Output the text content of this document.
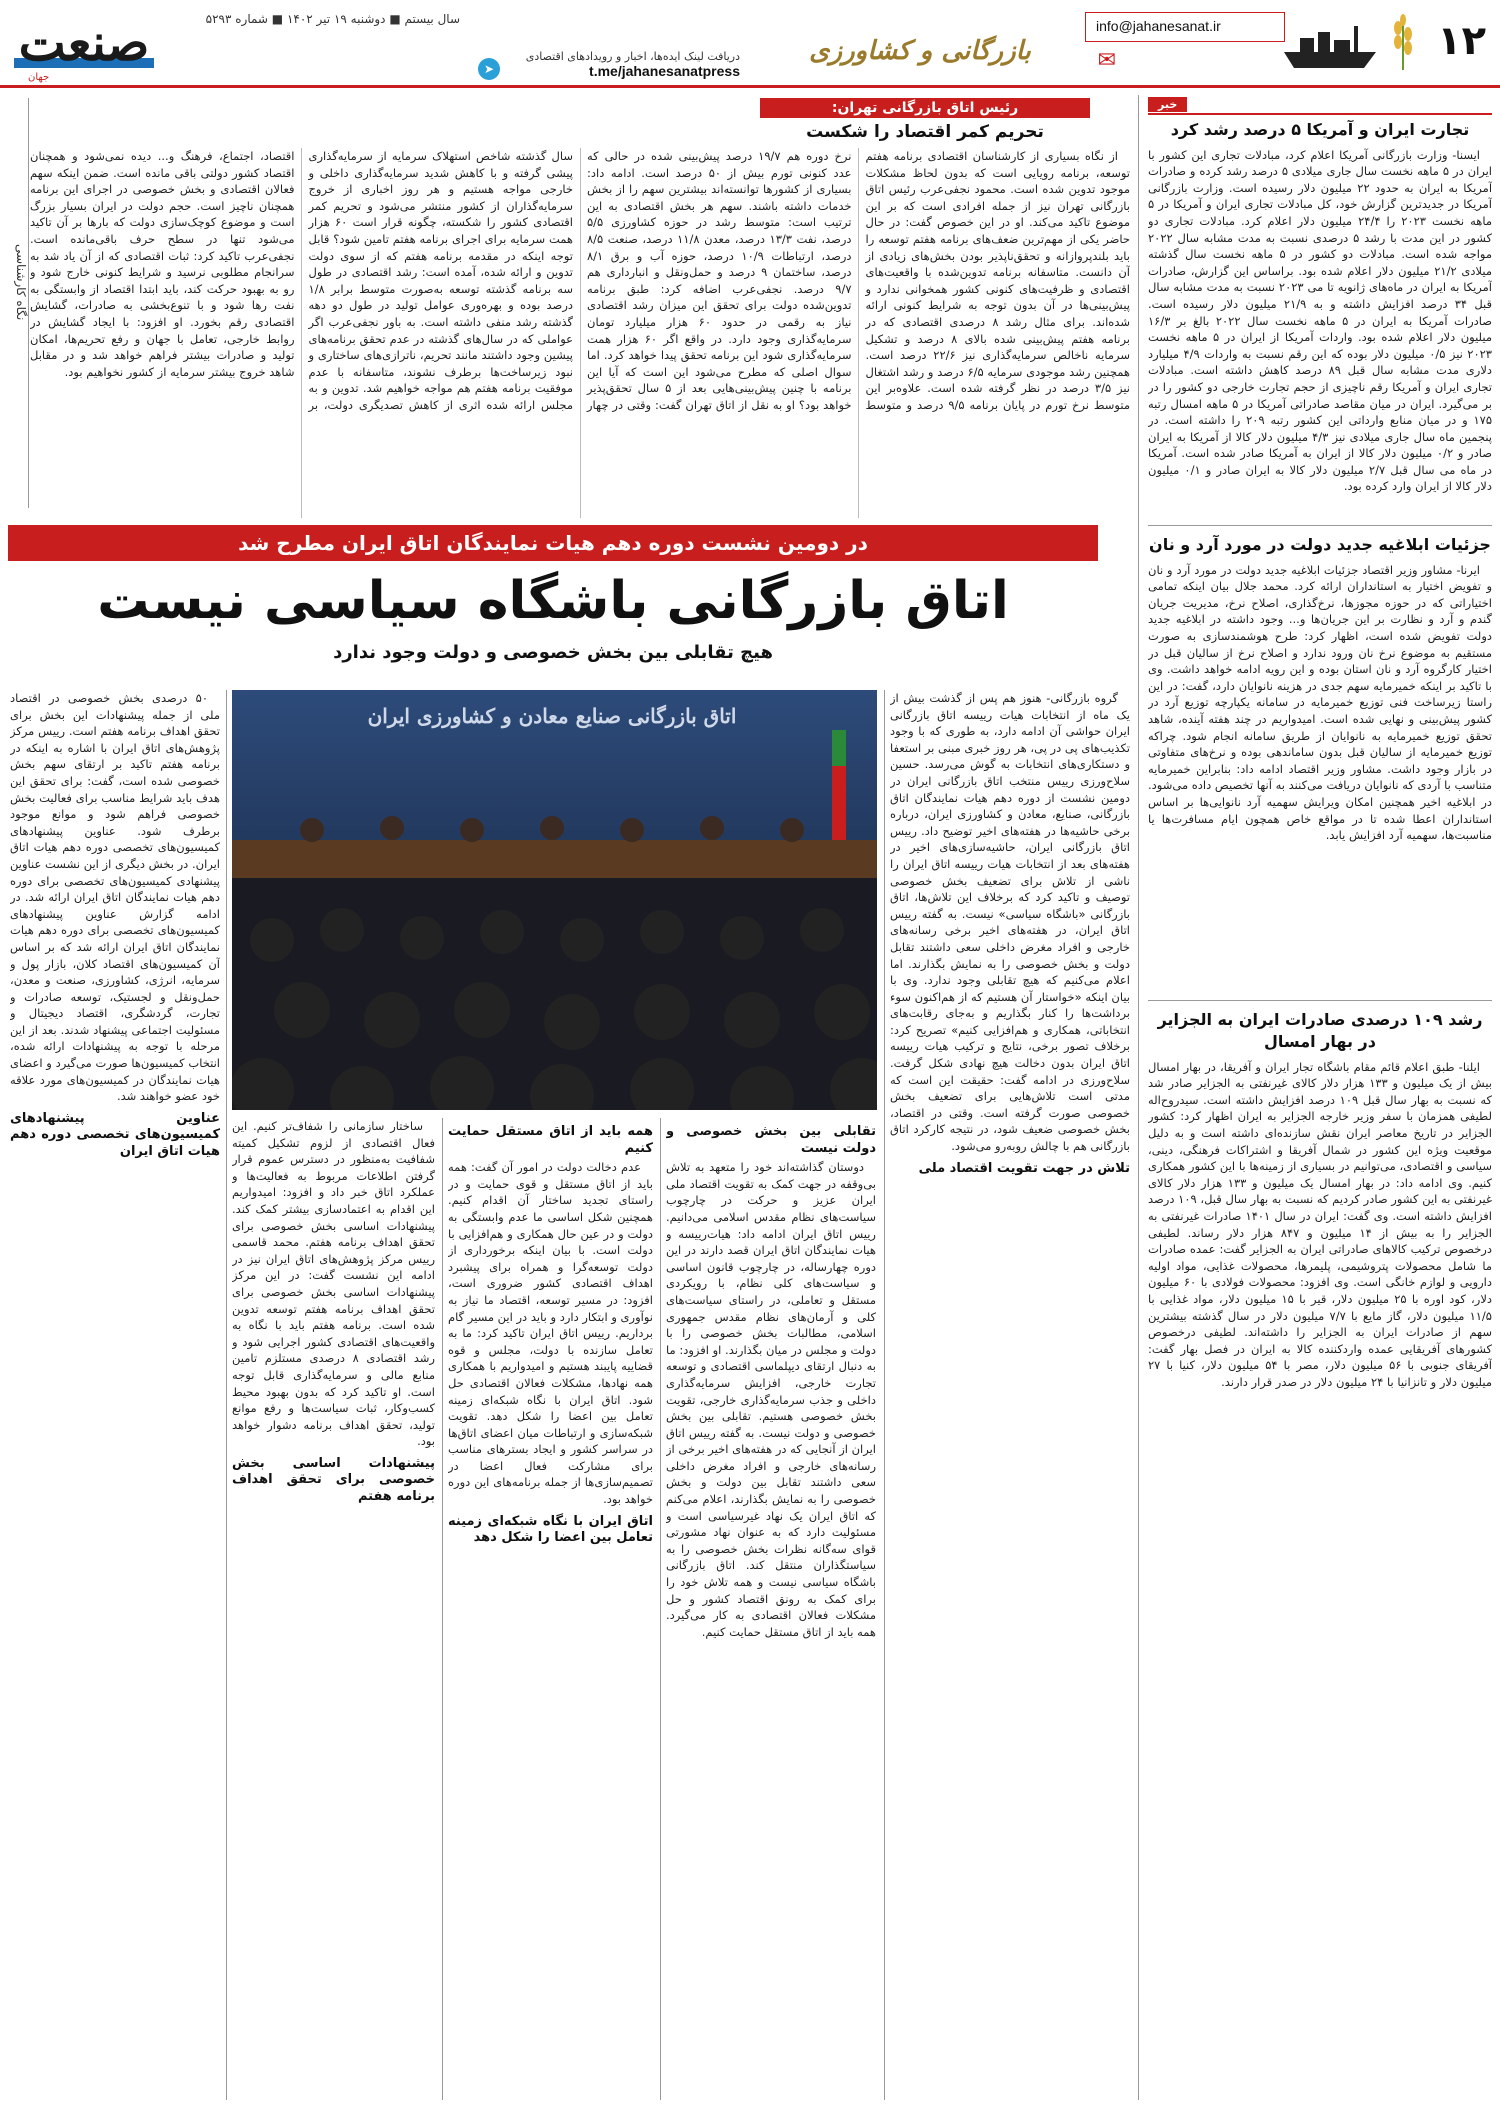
۱۲
بازرگانی و کشاورزی
info@jahanesanat.ir
✉
صنعت
جهان
سال بیستم ■ دوشنبه ۱۹ تیر ۱۴۰۲ ■ شماره ۵۲۹۳
دریافت لینک ایده‌ها، اخبار و رویدادهای اقتصادی
t.me/jahanesanatpress
➤
خبر
تجارت ایران و آمریکا ۵ درصد رشد کرد

ایسنا- وزارت بازرگانی آمریکا اعلام کرد، مبادلات تجاری این کشور با ایران در ۵ ماهه نخست سال جاری میلادی ۵ درصد رشد کرده و صادرات آمریکا به ایران به حدود ۲۲ میلیون دلار رسیده است. وزارت بازرگانی آمریکا در جدیدترین گزارش خود، کل مبادلات تجاری ایران و آمریکا در ۵ ماهه نخست ۲۰۲۳ را ۲۴/۴ میلیون دلار اعلام کرد. مبادلات تجاری دو کشور در این مدت با رشد ۵ درصدی نسبت به مدت مشابه سال ۲۰۲۲ مواجه شده است. مبادلات دو کشور در ۵ ماهه نخست سال گذشته میلادی ۲۱/۲ میلیون دلار اعلام شده بود. براساس این گزارش، صادرات آمریکا به ایران در ماه‌های ژانویه تا می ۲۰۲۳ نسبت به مدت مشابه سال قبل ۳۴ درصد افزایش داشته و به ۲۱/۹ میلیون دلار رسیده است. صادرات آمریکا به ایران در ۵ ماهه نخست سال ۲۰۲۲ بالغ بر ۱۶/۳ میلیون دلار اعلام شده بود. واردات آمریکا از ایران در ۵ ماهه نخست ۲۰۲۳ نیز ۰/۵ میلیون دلار بوده که این رقم نسبت به واردات ۴/۹ میلیارد دلاری مدت مشابه سال قبل ۸۹ درصد کاهش داشته است. مبادلات تجاری ایران و آمریکا رقم ناچیزی از حجم تجارت خارجی دو کشور را در بر می‌گیرد. ایران در میان مقاصد صادراتی آمریکا در ۵ ماهه امسال رتبه ۱۷۵ و در میان منابع وارداتی این کشور رتبه ۲۰۹ را داشته است. در پنجمین ماه سال جاری میلادی نیز ۴/۳ میلیون دلار کالا از آمریکا به ایران صادر و ۰/۲ میلیون دلار کالا از ایران به آمریکا صادر شده است. آمریکا در ماه می سال قبل ۲/۷ میلیون دلار کالا به ایران صادر و ۰/۱ میلیون دلار کالا از ایران وارد کرده بود.

جزئیات ابلاغیه جدید دولت در مورد آرد و نان

ایرنا- مشاور وزیر اقتصاد جزئیات ابلاغیه جدید دولت در مورد آرد و نان و تفویض اختیار به استانداران ارائه کرد. محمد جلال بیان اینکه تمامی اختیاراتی که در حوزه مجوزها، نرخ‌گذاری، اصلاح نرخ، مدیریت جریان گندم و آرد و نظارت بر این جریان‌ها و... وجود داشته در ابلاغیه جدید دولت تفویض شده است، اظهار کرد: طرح هوشمندسازی به صورت مستقیم به موضوع نرخ نان ورود ندارد و اصلاح نرخ از سالیان قبل در اختیار کارگروه آرد و نان استان بوده و این رویه ادامه خواهد داشت. وی با تاکید بر اینکه خمیرمایه سهم جدی در هزینه نانوایان دارد، گفت: در این راستا زیرساخت فنی توزیع خمیرمایه در سامانه یکپارچه توزیع آرد در کشور پیش‌بینی و نهایی شده است. امیدواریم در چند هفته آینده، شاهد تحقق توزیع خمیرمایه به نانوایان از طریق سامانه انجام شود. چراکه توزیع خمیرمایه از سالیان قبل بدون ساماندهی بوده و نرخ‌های متفاوتی در بازار وجود داشت. مشاور وزیر اقتصاد ادامه داد: بنابراین خمیرمایه متناسب با آرد‌ی که نانوایان دریافت می‌کنند به آنها تخصیص داده می‌شود. در ابلاغیه اخیر همچنین امکان ویرایش سهمیه آرد نانوایی‌ها بر اساس استانداران اعطا شده تا در مواقع خاص همچون ایام مسافرت‌ها یا مناسبت‌ها، سهمیه آرد افزایش یابد.

رشد ۱۰۹ درصدی صادرات ایران به الجزایر در بهار امسال

ایلنا- طبق اعلام قائم مقام باشگاه تجار ایران و آفریقا، در بهار امسال بیش از یک میلیون و ۱۳۳ هزار دلار کالای غیرنفتی به الجزایر صادر شد که نسبت به بهار سال قبل ۱۰۹ درصد افزایش داشته است. سیدروح‌اله لطیفی همزمان با سفر وزیر خارجه الجزایر به ایران اظهار کرد: کشور الجزایر در تاریخ معاصر ایران نقش سازنده‌ای داشته است و به دلیل موقعیت ویژه این کشور در شمال آفریقا و اشتراکات فرهنگی، دینی، سیاسی و اقتصادی، می‌توانیم در بسیاری از زمینه‌ها با این کشور همکاری کنیم. وی ادامه داد: در بهار امسال یک میلیون و ۱۳۳ هزار دلار کالای غیرنفتی به این کشور صادر کردیم که نسبت به بهار سال قبل، ۱۰۹ درصد افزایش داشته است. وی گفت: ایران در سال ۱۴۰۱ صادرات غیرنفتی به الجزایر را به بیش از ۱۴ میلیون و ۸۴۷ هزار دلار رساند. لطیفی درخصوص ترکیب کالاهای صادراتی ایران به الجزایر گفت: عمده صادرات ما شامل محصولات پتروشیمی، پلیمرها، محصولات غذایی، مواد اولیه دارویی و لوازم خانگی است. وی افزود: محصولات فولادی با ۶۰ میلیون دلار، کود اوره با ۲۵ میلیون دلار، قیر با ۱۵ میلیون دلار، مواد غذایی با ۱۱/۵ میلیون دلار، گاز مایع با ۷/۷ میلیون دلار در سال گذشته بیشترین سهم از صادرات ایران به الجزایر را داشته‌اند. لطیفی درخصوص کشورهای آفریقایی عمده واردکننده کالا به ایران در فصل بهار گفت: آفریقای جنوبی با ۵۶ میلیون دلار، مصر با ۵۴ میلیون دلار، کنیا با ۲۷ میلیون دلار و تانزانیا با ۲۴ میلیون دلار در صدر قرار دارند.

از نگاه بسیاری از کارشناسان اقتصادی برنامه هفتم توسعه، برنامه رویایی است که بدون لحاظ مشکلات موجود تدوین شده است. محمود نجفی‌عرب رئیس اتاق بازرگانی تهران نیز از جمله افرادی است که بر این موضوع تاکید می‌کند. او در این خصوص گفت: در حال حاضر یکی از مهم‌ترین ضعف‌های برنامه هفتم توسعه را باید بلندپروازانه و تحقق‌ناپذیر بودن بخش‌های زیادی از آن دانست. متاسفانه برنامه تدوین‌شده با واقعیت‌های اقتصادی و ظرفیت‌های کنونی کشور همخوانی ندارد و پیش‌بینی‌ها در آن بدون توجه به شرایط کنونی ارائه شده‌اند. برای مثال رشد ۸ درصدی اقتصادی که در برنامه هفتم پیش‌بینی شده بالای ۸ درصد و تشکیل سرمایه ناخالص سرمایه‌گذاری نیز ۲۲/۶ درصد است. همچنین رشد موجودی سرمایه ۶/۵ درصد و رشد اشتغال نیز ۳/۵ درصد در نظر گرفته شده است. علاوه‌بر این متوسط نرخ تورم در پایان برنامه ۹/۵ درصد و متوسط نرخ دوره هم ۱۹/۷ درصد پیش‌بینی شده در حالی که عدد کنونی تورم بیش از ۵۰ درصد است. ادامه داد: بسیاری از کشورها توانسته‌اند بیشترین سهم را از بخش خدمات داشته باشند. سهم هر بخش اقتصادی به این ترتیب است: متوسط رشد در حوزه کشاورزی ۵/۵ درصد، نفت ۱۳/۳ درصد، معدن ۱۱/۸ درصد، صنعت ۸/۵ درصد، ارتباطات ۱۰/۹ درصد، حوزه آب و برق ۸/۱ درصد، ساختمان ۹ درصد و حمل‌ونقل و انبارداری هم ۹/۷ درصد. نجفی‌عرب اضافه کرد: طبق برنامه تدوین‌شده دولت برای تحقق این میزان رشد اقتصادی نیاز به رقمی در حدود ۶۰ هزار میلیارد تومان سرمایه‌گذاری وجود دارد. در واقع اگر ۶۰ هزار همت سرمایه‌گذاری شود این برنامه تحقق پیدا خواهد کرد. اما سوال اصلی که مطرح می‌شود این است که آیا این برنامه با چنین پیش‌بینی‌هایی بعد از ۵ سال تحقق‌پذیر خواهد بود؟ او به نقل از اتاق تهران گفت: وقتی در چهار سال گذشته شاخص استهلاک سرمایه از سرمایه‌گذاری پیشی گرفته و با کاهش شدید سرمایه‌گذاری داخلی و خارجی مواجه هستیم و هر روز اخباری از خروج سرمایه‌گذاران از کشور منتشر می‌شود و تحریم کمر اقتصادی کشور را شکسته، چگونه قرار است ۶۰ هزار همت سرمایه برای اجرای برنامه هفتم تامین شود؟ قابل توجه اینکه در مقدمه برنامه هفتم که از سوی دولت تدوین و ارائه شده، آمده است: رشد اقتصادی در طول سه برنامه گذشته توسعه به‌صورت متوسط برابر ۱/۸ درصد بوده و بهره‌وری عوامل تولید در طول دو دهه گذشته رشد منفی داشته است. به باور نجفی‌عرب اگر عواملی که در سال‌های گذشته در عدم تحقق برنامه‌های پیشین وجود داشتند مانند تحریم، ناترازی‌های ساختاری و نبود زیرساخت‌ها برطرف نشوند، متاسفانه با عدم موفقیت برنامه هفتم هم مواجه خواهیم شد. تدوین و به مجلس ارائه شده اثری از کاهش تصدیگری دولت، بر اقتصاد، اجتماع، فرهنگ و... دیده نمی‌شود و همچنان اقتصاد کشور دولتی باقی مانده است. ضمن اینکه سهم فعالان اقتصادی و بخش خصوصی در اجرای این برنامه همچنان ناچیز است. حجم دولت در ایران بسیار بزرگ است و موضوع کوچک‌سازی دولت که بارها بر آن تاکید می‌شود تنها در سطح حرف باقی‌مانده است. نجفی‌عرب تاکید کرد: ثبات اقتصادی که از آن یاد شد به سرانجام مطلوبی نرسید و شرایط کنونی خارج شود و رو به بهبود حرکت کند، باید ابتدا اقتصاد از وابستگی به نفت رها شود و با تنوع‌بخشی به صادرات، گشایش اقتصادی رقم بخورد. او افزود: با ایجاد گشایش در روابط خارجی، تعامل با جهان و رفع تحریم‌ها، امکان تولید و صادرات بیشتر فراهم خواهد شد و در مقابل شاهد خروج بیشتر سرمایه از کشور نخواهیم بود.

رئیس اتاق بازرگانی تهران:
تحریم کمر اقتصاد را شکست
نگاه کارشناسی
در دومین نشست دوره دهم هیات نمایندگان اتاق ایران مطرح شد
اتاق بازرگانی باشگاه سیاسی نیست
هیچ تقابلی بین بخش خصوصی و دولت وجود ندارد
اتاق بازرگانی صنایع معادن و کشاورزی ایران

گروه بازرگانی- هنوز هم پس از گذشت بیش از یک ماه از انتخابات هیات رییسه اتاق بازرگانی ایران حواشی آن ادامه دارد، به طوری که با وجود تکذیب‌های پی در پی، هر روز خبری مبنی بر استعفا و دستکاری‌های انتخابات به گوش می‌رسد. حسین سلاح‌ورزی رییس منتخب اتاق بازرگانی ایران در دومین نشست از دوره دهم هیات نمایندگان اتاق بازرگانی، صنایع، معادن و کشاورزی ایران، درباره برخی حاشیه‌ها در هفته‌های اخیر توضیح داد. رییس اتاق بازرگانی ایران، حاشیه‌سازی‌های اخیر در هفته‌های بعد از انتخابات هیات رییسه اتاق ایران را ناشی از تلاش برای تضعیف بخش خصوصی توصیف و تاکید کرد که برخلاف این تلاش‌ها، اتاق بازرگانی «باشگاه سیاسی» نیست. به گفته رییس اتاق ایران، در هفته‌های اخیر برخی رسانه‌های خارجی و افراد مغرض داخلی سعی داشتند تقابل دولت و بخش خصوصی را به نمایش بگذارند. اما اعلام می‌کنیم که هیچ تقابلی وجود ندارد. وی با بیان اینکه «خواستار آن هستیم که از هم‌اکنون سوء‌ برداشت‌ها را کنار بگذاریم و به‌جای رقابت‌های انتخاباتی، همکاری و هم‌افزایی کنیم» تصریح کرد: برخلاف تصور برخی، نتایج و ترکیب هیات رییسه اتاق ایران بدون دخالت هیچ نهادی شکل گرفت. سلاح‌ورزی در ادامه گفت: حقیقت این است که مدتی است تلاش‌هایی برای تضعیف بخش خصوصی صورت گرفته است. وقتی در اقتصاد، بخش خصوصی ضعیف شود، در نتیجه کارکرد اتاق بازرگانی هم با چالش روبه‌رو می‌شود.

تلاش در جهت تقویت اقتصاد ملی
تقابلی بین بخش خصوصی و دولت نیست

دوستان گذاشته‌اند خود را متعهد به تلاش بی‌وقفه در جهت کمک به تقویت اقتصاد ملی ایران عزیز و حرکت در چارچوب سیاست‌های نظام مقدس اسلامی می‌دانیم. رییس اتاق ایران ادامه داد: هیات‌رییسه و هیات نمایندگان اتاق ایران قصد دارند در این دوره چهارساله، در چارچوب قانون اساسی و سیاست‌های کلی نظام، با رویکردی مستقل و تعاملی، در راستای سیاست‌های کلی و آرمان‌های نظام مقدس جمهوری اسلامی، مطالبات بخش خصوصی را با دولت و مجلس در میان بگذارند. او افزود: ما به دنبال ارتقای دیپلماسی اقتصادی و توسعه تجارت خارجی، افزایش سرمایه‌گذاری داخلی و جذب سرمایه‌گذاری خارجی، تقویت بخش خصوصی هستیم. تقابلی بین بخش خصوصی و دولت نیست. به گفته رییس اتاق ایران از آنجایی که در هفته‌های اخیر برخی از رسانه‌های خارجی و افراد مغرض داخلی سعی داشتند تقابل بین دولت و بخش خصوصی را به نمایش بگذارند، اعلام می‌کنم که اتاق ایران یک نهاد غیرسیاسی است و مسئولیت دارد که به عنوان نهاد مشورتی قوای سه‌گانه نظرات بخش خصوصی را به سیاستگذاران منتقل کند. اتاق بازرگانی باشگاه سیاسی نیست و همه تلاش خود را برای کمک به رونق اقتصاد کشور و حل مشکلات فعالان اقتصادی به کار می‌گیرد. همه باید از اتاق مستقل حمایت کنیم.

همه باید از اتاق مستقل حمایت کنیم

عدم دخالت دولت در امور آن گفت: همه باید از اتاق مستقل و قوی حمایت و در راستای تجدید ساختار آن اقدام کنیم. همچنین شکل اساسی ما عدم وابستگی به دولت و در عین حال همکاری و هم‌افزایی با دولت است. با بیان اینکه برخورداری از دولت توسعه‌گرا و همراه برای پیشبرد اهداف اقتصادی کشور ضروری است، افزود: در مسیر توسعه، اقتصاد ما نیاز به نوآوری و ابتکار دارد و باید در این مسیر گام برداریم. رییس اتاق ایران تاکید کرد: ما به تعامل سازنده با دولت، مجلس و قوه قضاییه پایبند هستیم و امیدواریم با همکاری همه نهادها، مشکلات فعالان اقتصادی حل شود. اتاق ایران با نگاه شبکه‌ای زمینه تعامل بین اعضا را شکل دهد. تقویت شبکه‌سازی و ارتباطات میان اعضای اتاق‌ها در سراسر کشور و ایجاد بسترهای مناسب برای مشارکت فعال اعضا در تصمیم‌سازی‌ها از جمله برنامه‌های این دوره خواهد بود.

اتاق ایران با نگاه شبکه‌ای زمینه تعامل بین اعضا را شکل دهد

ساختار سازمانی را شفاف‌تر کنیم. این فعال اقتصادی از لزوم تشکیل کمیته شفافیت به‌منظور در دسترس عموم قرار گرفتن اطلاعات مربوط به فعالیت‌ها و عملکرد اتاق خبر داد و افزود: امیدواریم این اقدام به اعتمادسازی بیشتر کمک کند. پیشنهادات اساسی بخش خصوصی برای تحقق اهداف برنامه هفتم. محمد قاسمی رییس مرکز پژوهش‌های اتاق ایران نیز در ادامه این نشست گفت: در این مرکز پیشنهادات اساسی بخش خصوصی برای تحقق اهداف برنامه هفتم توسعه تدوین شده است. برنامه هفتم باید با نگاه به واقعیت‌های اقتصادی کشور اجرایی شود و رشد اقتصادی ۸ درصدی مستلزم تامین منابع مالی و سرمایه‌گذاری قابل توجه است. او تاکید کرد که بدون بهبود محیط کسب‌وکار، ثبات سیاست‌ها و رفع موانع تولید، تحقق اهداف برنامه دشوار خواهد بود.

پیشنهادات اساسی بخش خصوصی برای تحقق اهداف برنامه هفتم

۵۰ درصدی بخش خصوصی در اقتصاد ملی از جمله پیشنهادات این بخش برای تحقق اهداف برنامه هفتم است. رییس مرکز پژوهش‌های اتاق ایران با اشاره به اینکه در برنامه هفتم تاکید بر ارتقای سهم بخش خصوصی شده است، گفت: برای تحقق این هدف باید شرایط مناسب برای فعالیت بخش خصوصی فراهم شود و موانع موجود برطرف شود. عناوین پیشنهادهای کمیسیون‌های تخصصی دوره دهم هیات اتاق ایران. در بخش دیگری از این نشست عناوین پیشنهادی کمیسیون‌های تخصصی برای دوره دهم هیات نمایندگان اتاق ایران ارائه شد. در ادامه گزارش عناوین پیشنهادهای کمیسیون‌های تخصصی برای دوره دهم هیات نمایندگان اتاق ایران ارائه شد که بر اساس آن کمیسیون‌های اقتصاد کلان، بازار پول و سرمایه، انرژی، کشاورزی، صنعت و معدن، حمل‌ونقل و لجستیک، توسعه صادرات و تجارت، گردشگری، اقتصاد دیجیتال و مسئولیت اجتماعی پیشنهاد شدند. بعد از این مرحله با توجه به پیشنهادات ارائه شده، انتخاب کمیسیون‌ها صورت می‌گیرد و اعضای هیات نمایندگان در کمیسیون‌های مورد علاقه خود عضو خواهند شد.

عناوین پیشنهادهای کمیسیون‌های تخصصی دوره دهم هیات اتاق ایران
